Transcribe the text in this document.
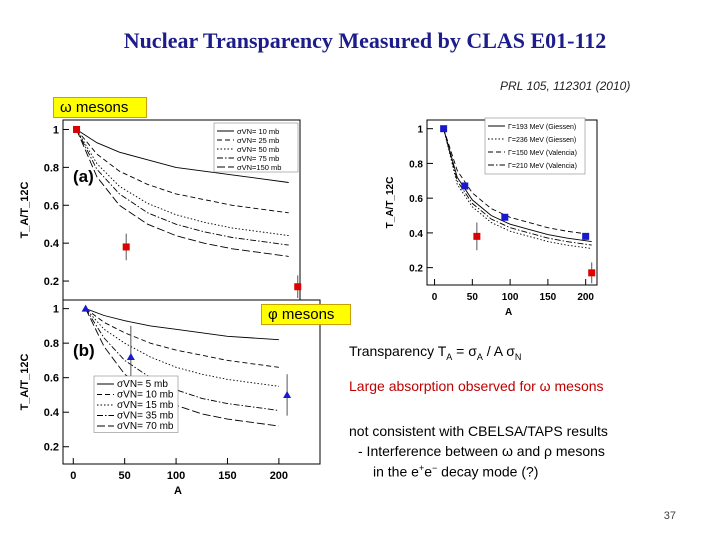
Nuclear Transparency Measured by CLAS E01-112
PRL 105, 112301 (2010)
0.2
0.4
0.6
0.8
1
(a)
T_A/T_12C
σVN= 10 mb
σVN= 25 mb
σVN= 50 mb
σVN= 75 mb
σVN=150 mb
0.2
0.4
0.6
0.8
1
0	50	100	150	200
(b)
T_A/T_12C
A
σVN= 5 mb
σVN= 10 mb
σVN= 15 mb
σVN= 35 mb
σVN= 70 mb
0.2
0.4
0.6
0.8
1
0	50 100 150 200
T_A/T_12C
A
Γ=193 MeV (Giessen)
Γ=236 MeV (Giessen)
Γ=150 MeV (Valencia)
Γ=210 MeV (Valencia)
ω mesons
φ mesons
Transparency $T_A = \sigma_A / A$ $\sigma_N$
Large absorption observed for ω mesons
not consistent with CBELSA/TAPS results
- Interference between ω and ρ mesons
in the e+e− decay mode (?)
37
